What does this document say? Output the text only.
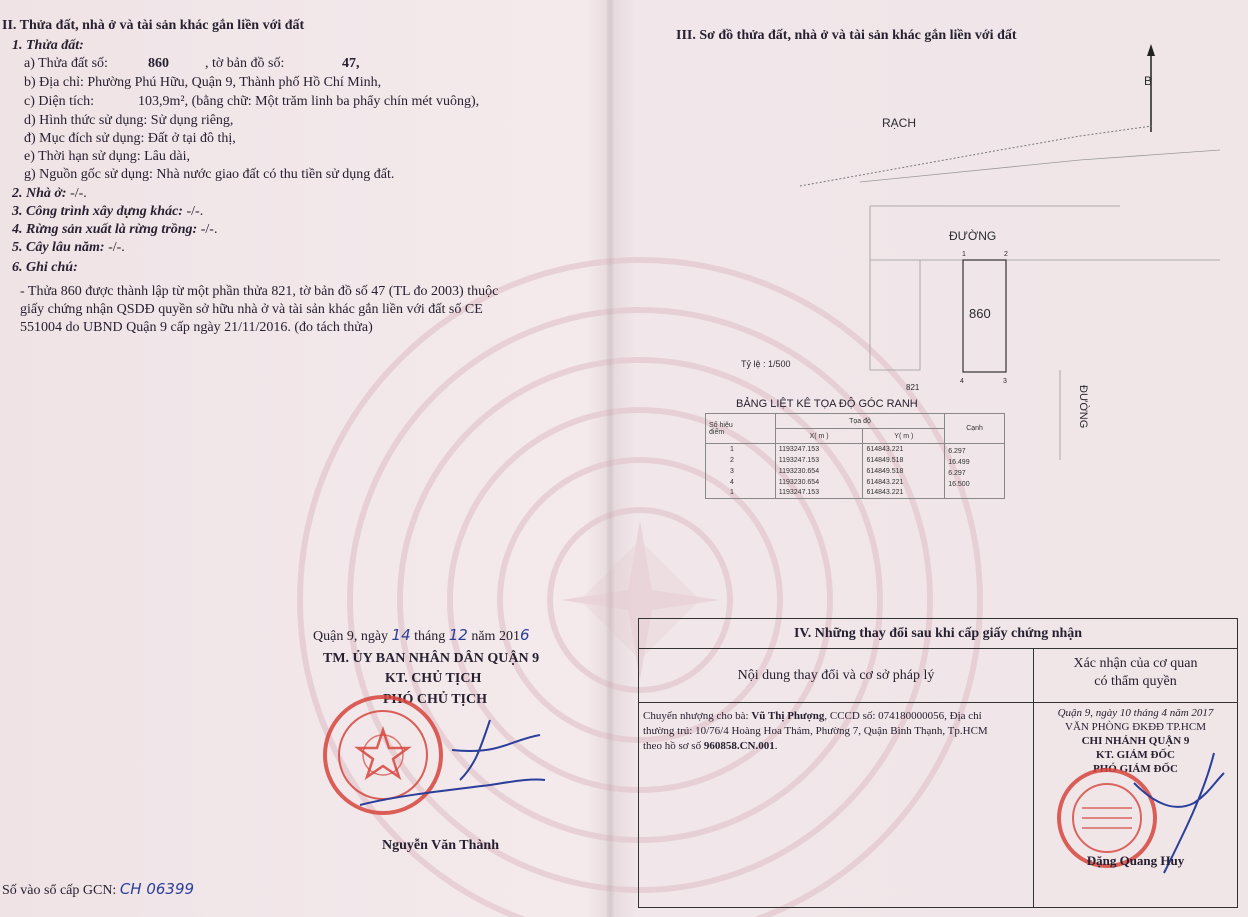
II. Thửa đất, nhà ở và tài sản khác gắn liền với đất
1. Thửa đất:
a) Thửa đất số:	860	, tờ bản đồ số:	47,
b) Địa chỉ: Phường Phú Hữu, Quận 9, Thành phố Hồ Chí Minh,
c) Diện tích:	103,9m², (bằng chữ: Một trăm linh ba phẩy chín mét vuông),
d) Hình thức sử dụng: Sử dụng riêng,
đ) Mục đích sử dụng: Đất ở tại đô thị,
e) Thời hạn sử dụng: Lâu dài,
g) Nguồn gốc sử dụng: Nhà nước giao đất có thu tiền sử dụng đất.
2. Nhà ở: -/-.
3. Công trình xây dựng khác: -/-.
4. Rừng sản xuất là rừng trồng: -/-.
5. Cây lâu năm: -/-.
6. Ghi chú:
- Thửa 860 được thành lập từ một phần thửa 821, tờ bản đồ số 47 (TL đo 2003) thuộc
giấy chứng nhận QSDĐ quyền sở hữu nhà ở và tài sản khác gắn liền với đất số CE
551004 do UBND Quận 9 cấp ngày 21/11/2016. (đo tách thửa)
Quận 9, ngày 14 tháng 12 năm 2016
TM. ỦY BAN NHÂN DÂN QUẬN 9
KT. CHỦ TỊCH
PHÓ CHỦ TỊCH
Nguyễn Văn Thành
Số vào sổ cấp GCN: CH 06399
III. Sơ đồ thửa đất, nhà ở và tài sản khác gắn liền với đất
B
RẠCH
ĐƯỜNG
860
1	2
3
4
ĐƯỜNG
Tỷ lệ : 1/500
821
BẢNG LIỆT KÊ TỌA ĐỘ GÓC RANH
Số hiệu
điểm	Tọa độ		Cạnh
	X( m )	Y( m )	
1	1193247.153	614843.221	6.297
2	1193247.153	614849.518	16.499
3	1193230.654	614849.518	6.297
4	1193230.654	614843.221	16.500
1	1193247.153	614843.221	
IV. Những thay đổi sau khi cấp giấy chứng nhận
Nội dung thay đổi và cơ sở pháp lý
Xác nhận của cơ quan
có thẩm quyền
Chuyển nhượng cho bà: Vũ Thị Phượng, CCCD số: 074180000056, Địa chỉ
thường trú: 10/76/4 Hoàng Hoa Thám, Phường 7, Quận Bình Thạnh, Tp.HCM
theo hồ sơ số 960858.CN.001.
Quận 9, ngày 10 tháng 4 năm 2017
VĂN PHÒNG ĐKĐĐ TP.HCM
CHI NHÁNH QUẬN 9
KT. GIÁM ĐỐC
PHÓ GIÁM ĐỐC
Đặng Quang Huy
